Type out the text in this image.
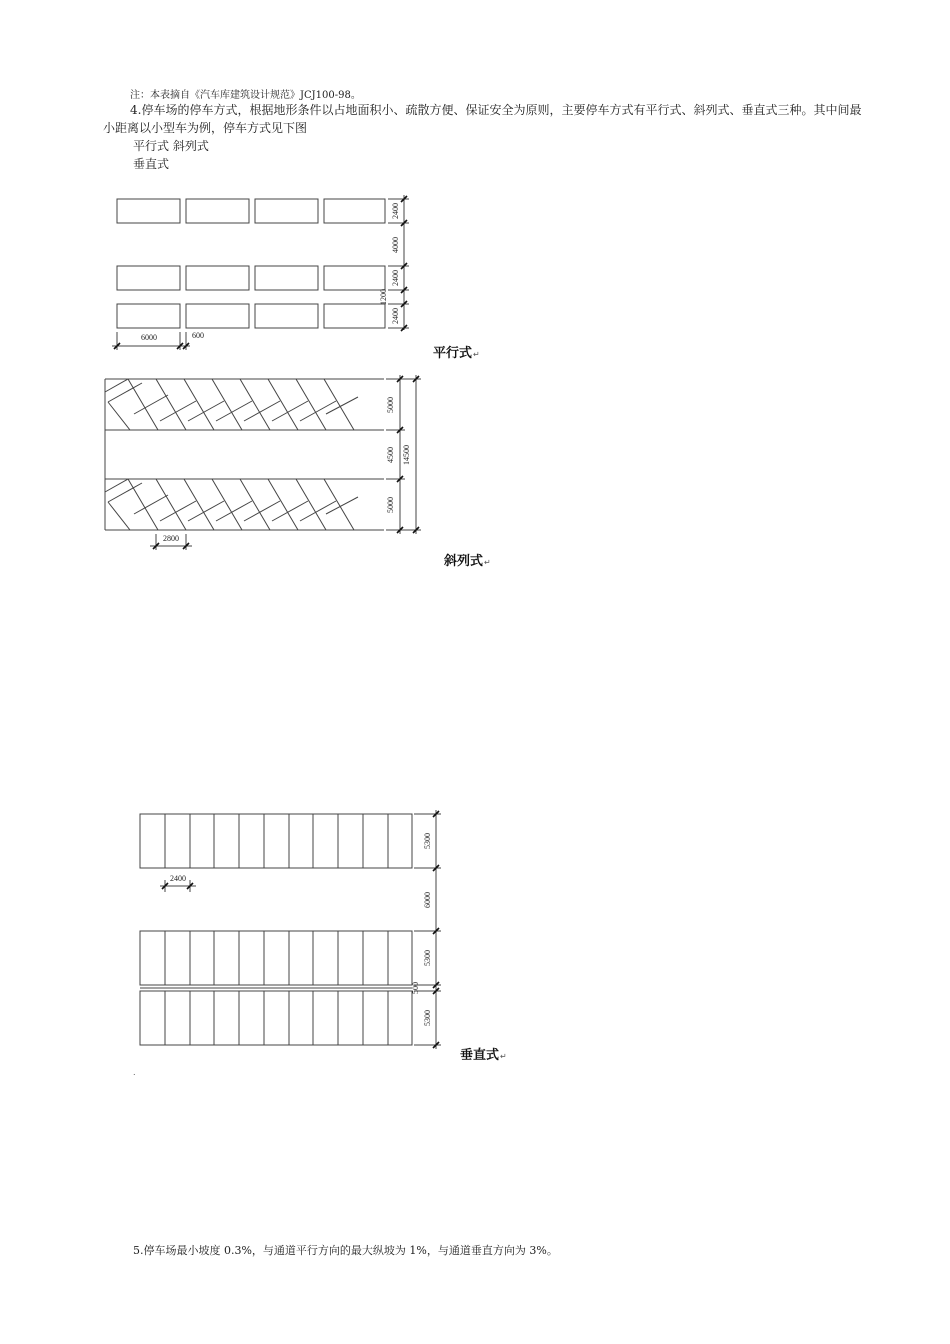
注：本表摘自《汽车库建筑设计规范》JCJ100-98。
4.停车场的停车方式，根据地形条件以占地面积小、疏散方便、保证安全为原则，主要停车方式有平行式、斜列式、垂直式三种。其中间最
小距离以小型车为例，停车方式见下图
平行式 斜列式
垂直式
2400
4000
2400
1200
2400
6000	600
5000
4500
5000
14500
2800
5300
6000
5300
500
5300
2400
平行式↵
斜列式↵
垂直式↵
.
5.停车场最小坡度 0.3%，与通道平行方向的最大纵坡为 1%，与通道垂直方向为 3%。
